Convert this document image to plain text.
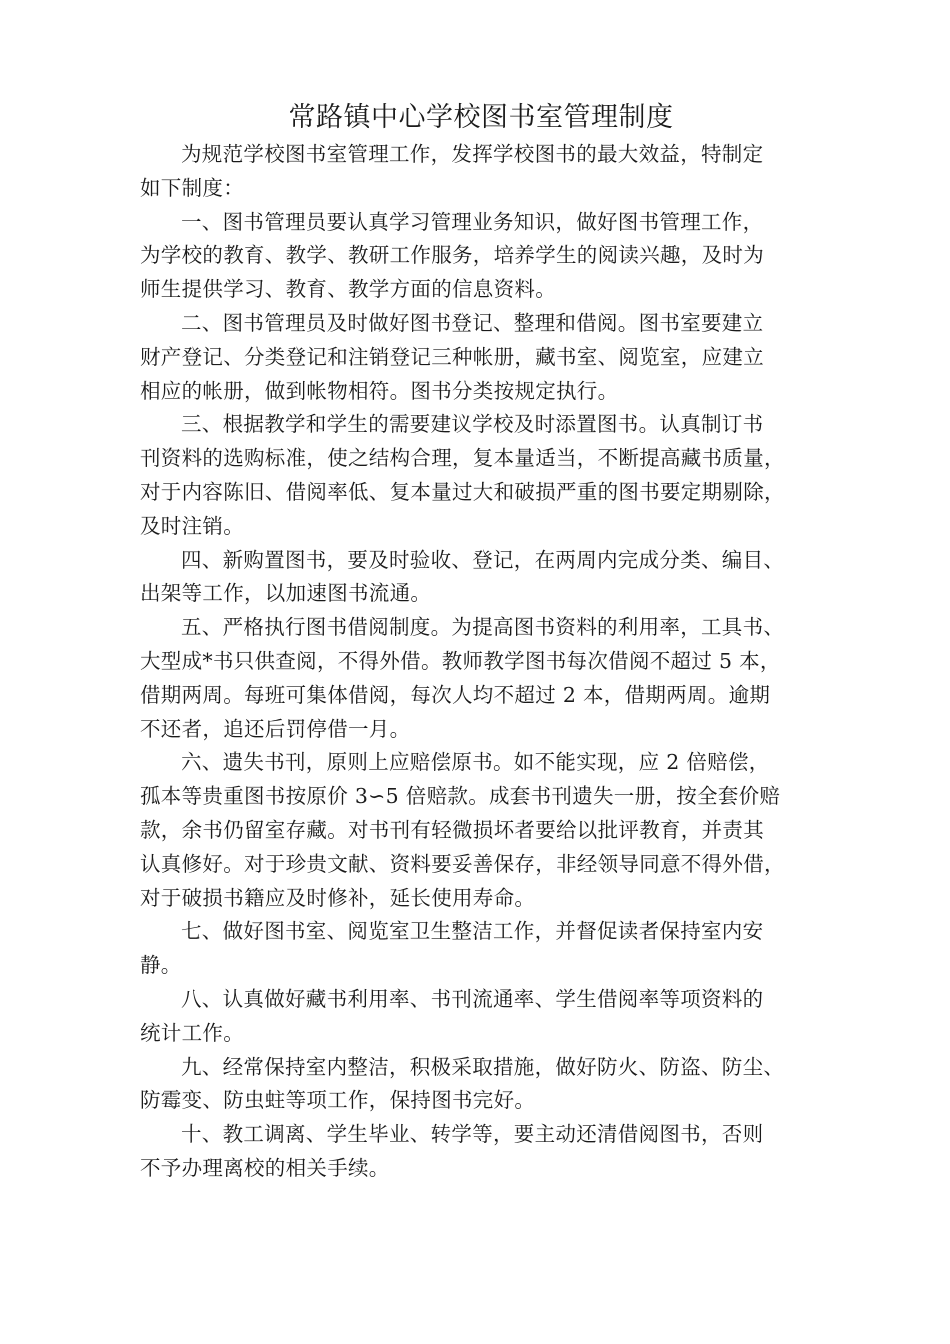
常路镇中心学校图书室管理制度

为规范学校图书室管理工作，发挥学校图书的最大效益，特制定
如下制度：

一、图书管理员要认真学习管理业务知识，做好图书管理工作，
为学校的教育、教学、教研工作服务，培养学生的阅读兴趣，及时为
师生提供学习、教育、教学方面的信息资料。

二、图书管理员及时做好图书登记、整理和借阅。图书室要建立
财产登记、分类登记和注销登记三种帐册，藏书室、阅览室，应建立
相应的帐册，做到帐物相符。图书分类按规定执行。

三、根据教学和学生的需要建议学校及时添置图书。认真制订书
刊资料的选购标准，使之结构合理，复本量适当，不断提高藏书质量，
对于内容陈旧、借阅率低、复本量过大和破损严重的图书要定期剔除，
及时注销。

四、新购置图书，要及时验收、登记，在两周内完成分类、编目、
出架等工作，以加速图书流通。

五、严格执行图书借阅制度。为提高图书资料的利用率，工具书、
大型成*书只供查阅，不得外借。教师教学图书每次借阅不超过 5 本，
借期两周。每班可集体借阅，每次人均不超过 2 本，借期两周。逾期
不还者，追还后罚停借一月。

六、遗失书刊，原则上应赔偿原书。如不能实现，应 2 倍赔偿，
孤本等贵重图书按原价 3∽5 倍赔款。成套书刊遗失一册，按全套价赔
款，余书仍留室存藏。对书刊有轻微损坏者要给以批评教育，并责其
认真修好。对于珍贵文献、资料要妥善保存，非经领导同意不得外借，
对于破损书籍应及时修补，延长使用寿命。

七、做好图书室、阅览室卫生整洁工作，并督促读者保持室内安
静。

八、认真做好藏书利用率、书刊流通率、学生借阅率等项资料的
统计工作。

九、经常保持室内整洁，积极采取措施，做好防火、防盗、防尘、
防霉变、防虫蛀等项工作，保持图书完好。

十、教工调离、学生毕业、转学等，要主动还清借阅图书，否则
不予办理离校的相关手续。
